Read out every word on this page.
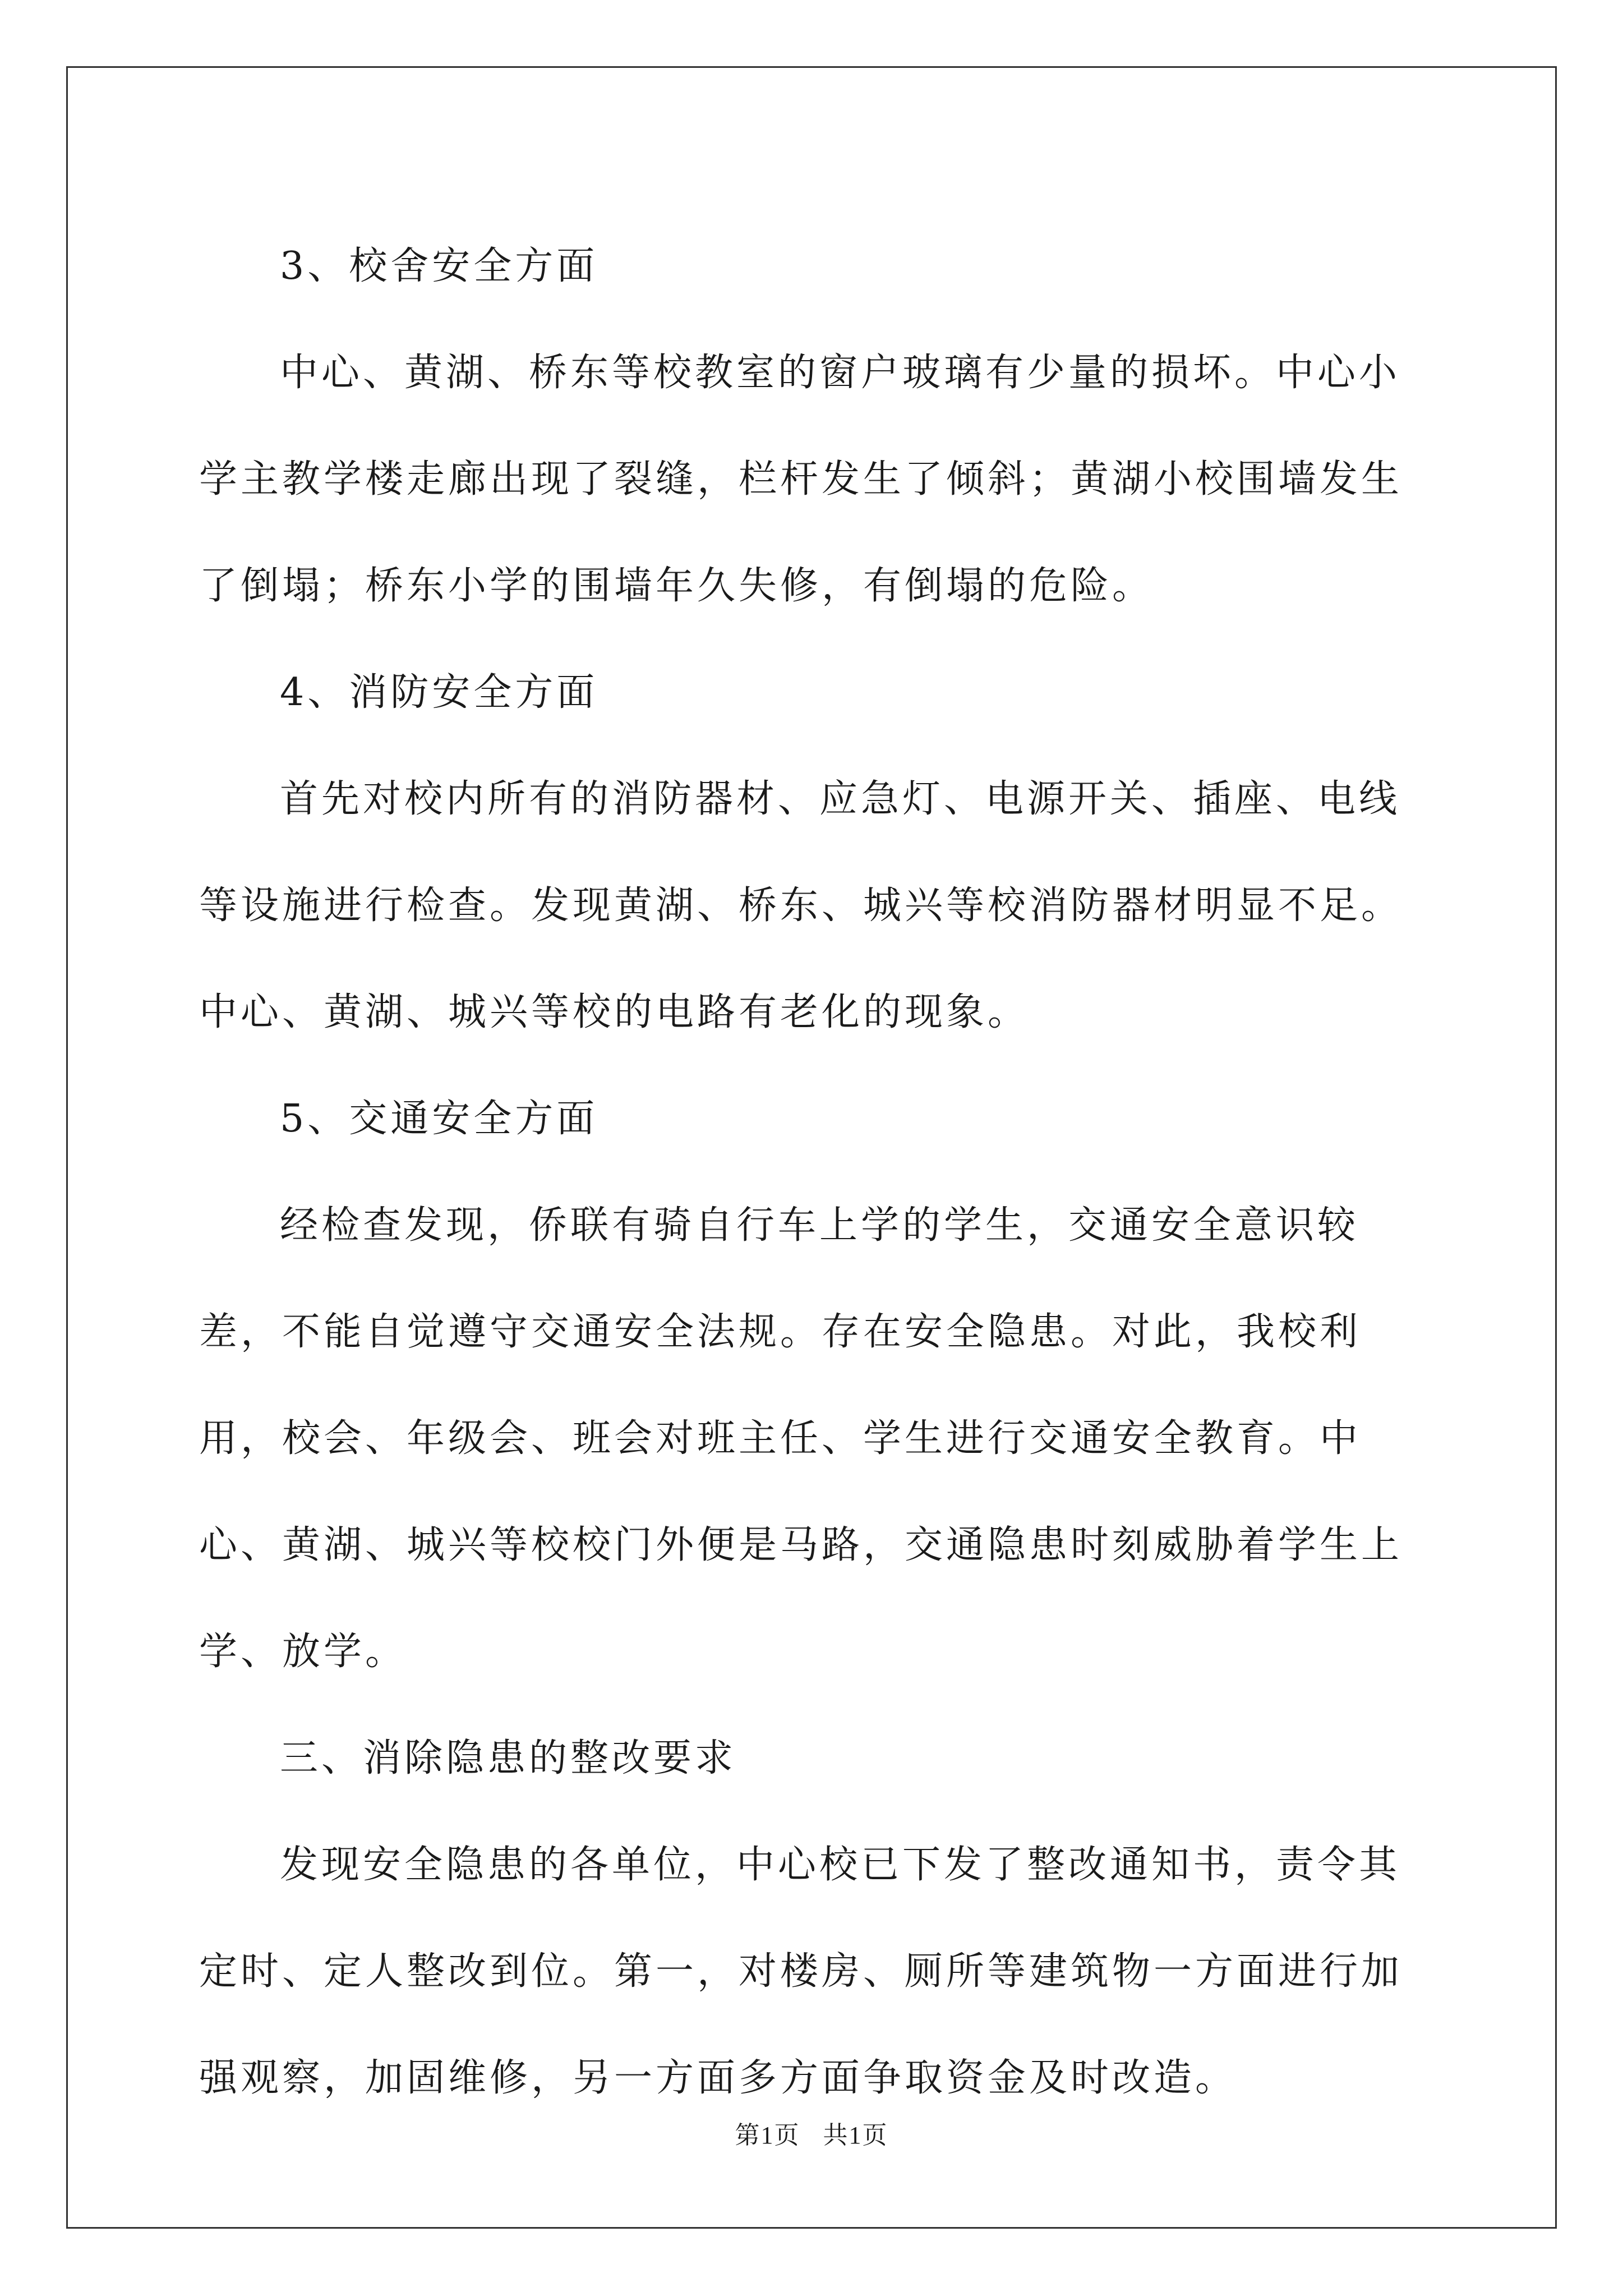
3、校舍安全方面

中心、黄湖、桥东等校教室的窗户玻璃有少量的损坏。中心小学主教学楼走廊出现了裂缝，栏杆发生了倾斜；黄湖小校围墙发生了倒塌；桥东小学的围墙年久失修，有倒塌的危险。

4、消防安全方面

首先对校内所有的消防器材、应急灯、电源开关、插座、电线等设施进行检查。发现黄湖、桥东、城兴等校消防器材明显不足。中心、黄湖、城兴等校的电路有老化的现象。

5、交通安全方面

经检查发现，侨联有骑自行车上学的学生，交通安全意识较差，不能自觉遵守交通安全法规。存在安全隐患。对此，我校利用，校会、年级会、班会对班主任、学生进行交通安全教育。中心、黄湖、城兴等校校门外便是马路，交通隐患时刻威胁着学生上学、放学。

三、消除隐患的整改要求

发现安全隐患的各单位，中心校已下发了整改通知书，责令其定时、定人整改到位。第一，对楼房、厕所等建筑物一方面进行加强观察，加固维修，另一方面多方面争取资金及时改造。

第1页 共1页
